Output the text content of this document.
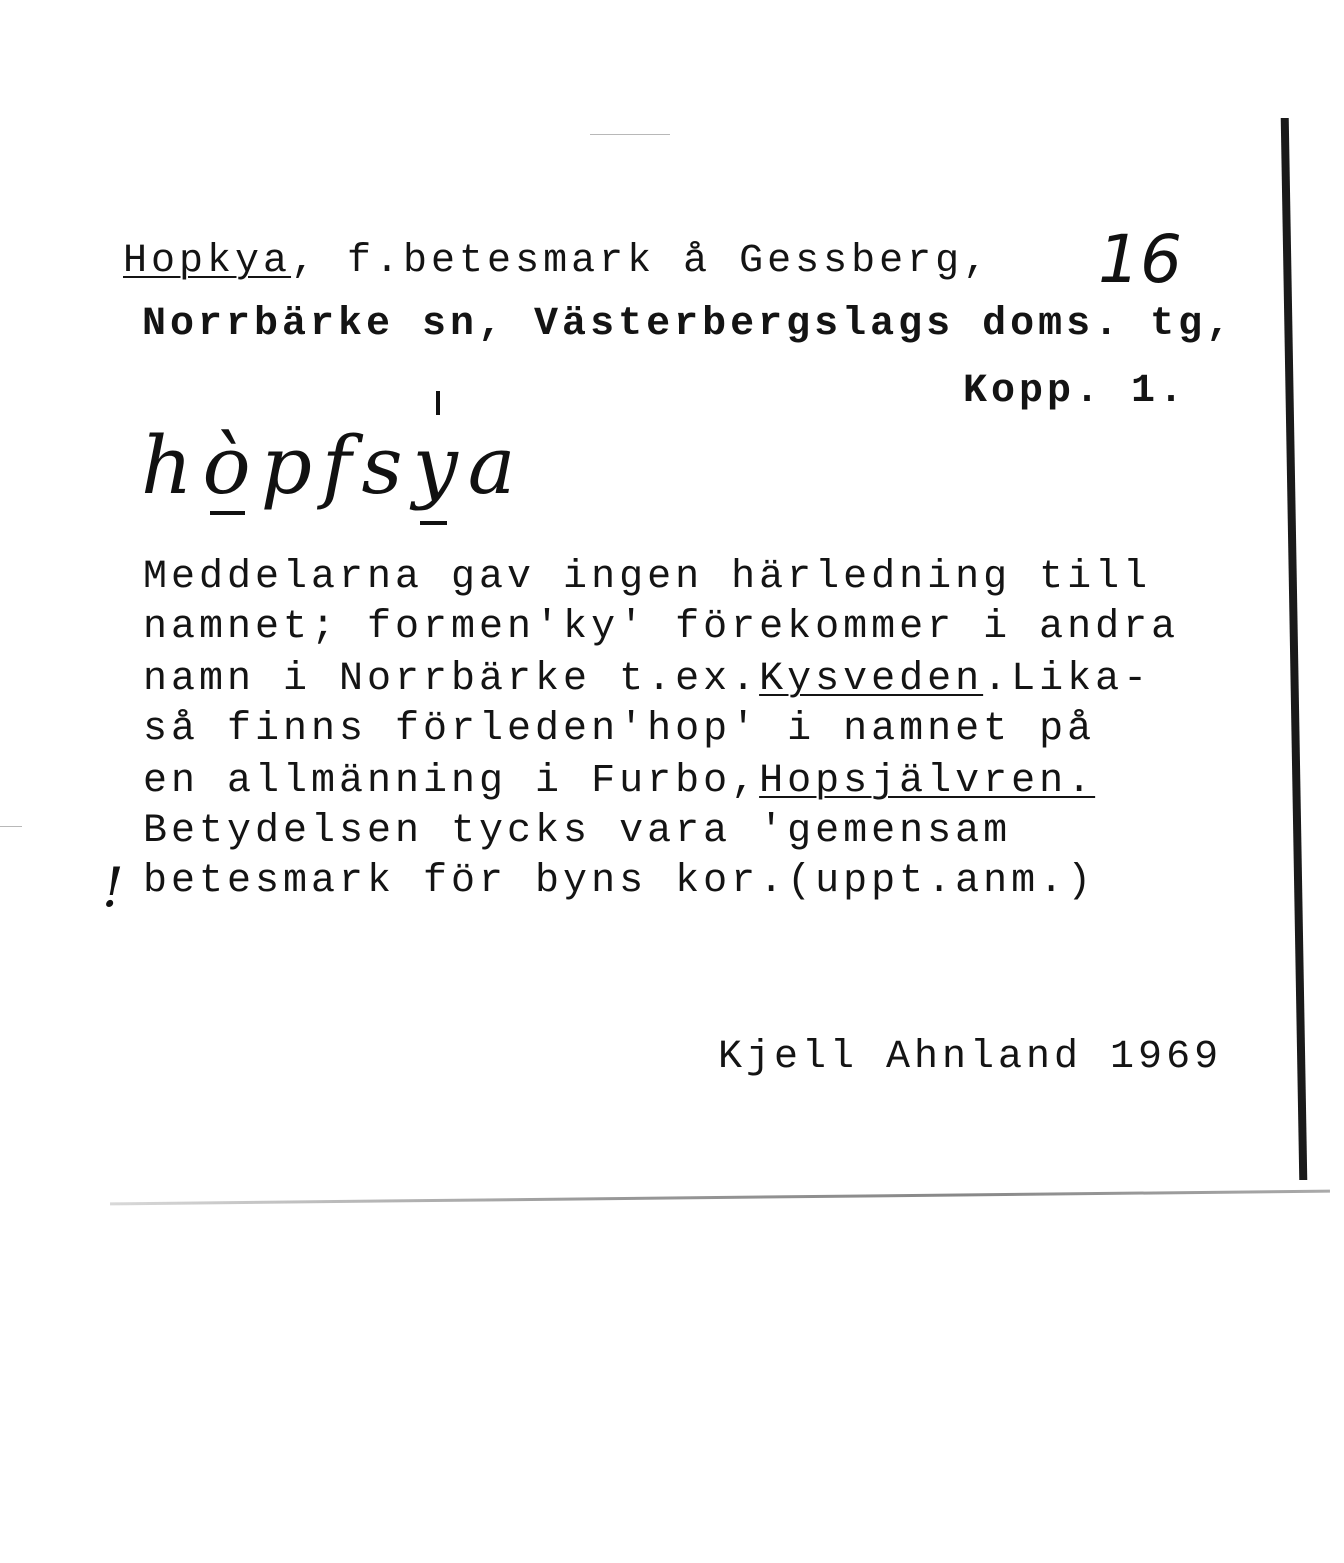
16
Hopkya, f.betesmark å Gessberg,
Norrbärke sn, Västerbergslags doms. tg,
Kopp. 1.
hòpfsya
Meddelarna gav ingen härledning till
namnet; formen'ky' förekommer i andra
namn i Norrbärke t.ex.Kysveden.Lika-
så finns förleden'hop' i namnet på
en allmänning i Furbo,Hopsjälvren.
Betydelsen tycks vara 'gemensam
betesmark för byns kor.(uppt.anm.)
!
Kjell Ahnland 1969
